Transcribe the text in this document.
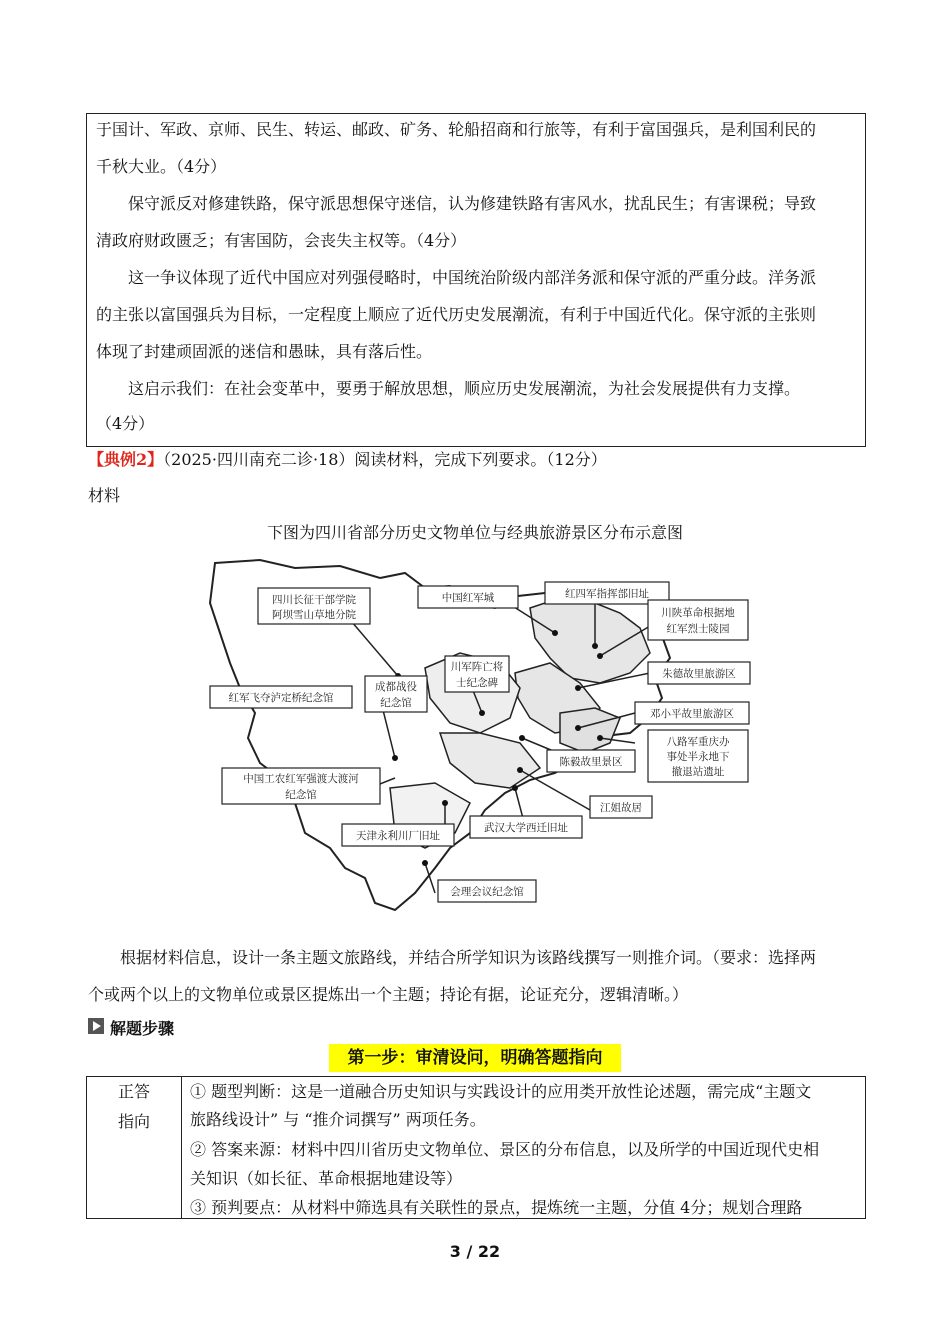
于国计、军政、京师、民生、转运、邮政、矿务、轮船招商和行旅等，有利于富国强兵，是利国利民的
千秋大业。（4分）
保守派反对修建铁路，保守派思想保守迷信，认为修建铁路有害风水，扰乱民生；有害课税；导致
清政府财政匮乏；有害国防，会丧失主权等。（4分）
这一争议体现了近代中国应对列强侵略时，中国统治阶级内部洋务派和保守派的严重分歧。洋务派
的主张以富国强兵为目标，一定程度上顺应了近代历史发展潮流，有利于中国近代化。保守派的主张则
体现了封建顽固派的迷信和愚昧，具有落后性。
这启示我们：在社会变革中，要勇于解放思想，顺应历史发展潮流，为社会发展提供有力支撑。
（4分）
【典例2】（2025·四川南充二诊·18）阅读材料，完成下列要求。（12分）
材料
下图为四川省部分历史文物单位与经典旅游景区分布示意图
四川长征干部学院
阿坝雪山草地分院
中国红军城	红四军指挥部旧址
川陕革命根据地
红军烈士陵园
川军阵亡将
士纪念碑
朱德故里旅游区
成都战役
纪念馆
红军飞夺泸定桥纪念馆
邓小平故里旅游区
八路军重庆办
事处半永地下
撤退站遗址
陈毅故里景区
中国工农红军强渡大渡河
纪念馆
江姐故居
武汉大学西迁旧址
天津永利川厂旧址
会理会议纪念馆
根据材料信息，设计一条主题文旅路线，并结合所学知识为该路线撰写一则推介词。（要求：选择两
个或两个以上的文物单位或景区提炼出一个主题；持论有据，论证充分，逻辑清晰。）
解题步骤
第一步：审清设问，明确答题指向
正答
指向
① 题型判断：这是一道融合历史知识与实践设计的应用类开放性论述题，需完成“主题文
旅路线设计” 与 “推介词撰写” 两项任务。
② 答案来源：材料中四川省历史文物单位、景区的分布信息，以及所学的中国近现代史相
关知识（如长征、革命根据地建设等）
③ 预判要点：从材料中筛选具有关联性的景点，提炼统一主题，分值 4分；规划合理路
3 / 22
